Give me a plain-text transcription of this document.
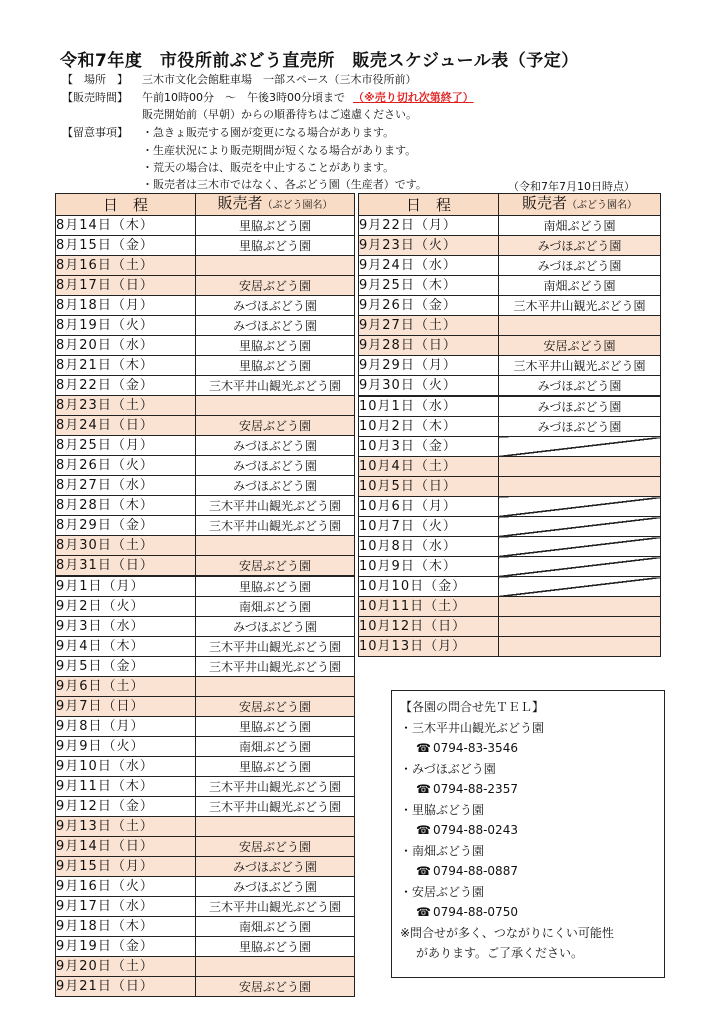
令和7年度　市役所前ぶどう直売所　販売スケジュール表（予定）
【　場所　】 三木市文化会館駐車場　一部スペース（三木市役所前）
【販売時間】 午前10時00分　～　午後3時00分頃まで （※売り切れ次第終了）
販売開始前（早朝）からの順番待ちはご遠慮ください。
【留意事項】 ・急きょ販売する園が変更になる場合があります。
・生産状況により販売期間が短くなる場合があります。
・荒天の場合は、販売を中止することがあります。
・販売者は三木市ではなく、各ぶどう園（生産者）です。	（令和7年7月10日時点）
日　程	販売者（ぶどう園名）
8月14日（木）	里脇ぶどう園
8月15日（金）	里脇ぶどう園
8月16日（土）	
8月17日（日）	安居ぶどう園
8月18日（月）	みづほぶどう園
8月19日（火）	みづほぶどう園
8月20日（水）	里脇ぶどう園
8月21日（木）	里脇ぶどう園
8月22日（金）	三木平井山観光ぶどう園
8月23日（土）	
8月24日（日）	安居ぶどう園
8月25日（月）	みづほぶどう園
8月26日（火）	みづほぶどう園
8月27日（水）	みづほぶどう園
8月28日（木）	三木平井山観光ぶどう園
8月29日（金）	三木平井山観光ぶどう園
8月30日（土）	
8月31日（日）	安居ぶどう園
9月1日（月）	里脇ぶどう園
9月2日（火）	南畑ぶどう園
9月3日（水）	みづほぶどう園
9月4日（木）	三木平井山観光ぶどう園
9月5日（金）	三木平井山観光ぶどう園
9月6日（土）	
9月7日（日）	安居ぶどう園
9月8日（月）	里脇ぶどう園
9月9日（火）	南畑ぶどう園
9月10日（水）	里脇ぶどう園
9月11日（木）	三木平井山観光ぶどう園
9月12日（金）	三木平井山観光ぶどう園
9月13日（土）	
9月14日（日）	安居ぶどう園
9月15日（月）	みづほぶどう園
9月16日（火）	みづほぶどう園
9月17日（水）	三木平井山観光ぶどう園
9月18日（木）	南畑ぶどう園
9月19日（金）	里脇ぶどう園
9月20日（土）	
9月21日（日）	安居ぶどう園
日　程	販売者（ぶどう園名）
9月22日（月）	南畑ぶどう園
9月23日（火）	みづほぶどう園
9月24日（水）	みづほぶどう園
9月25日（木）	南畑ぶどう園
9月26日（金）	三木平井山観光ぶどう園
9月27日（土）	
9月28日（日）	安居ぶどう園
9月29日（月）	三木平井山観光ぶどう園
9月30日（火）	みづほぶどう園
10月1日（水）	みづほぶどう園
10月2日（木）	みづほぶどう園
10月3日（金）	
10月4日（土）	
10月5日（日）	
10月6日（月）	
10月7日（火）	
10月8日（水）	
10月9日（木）	
10月10日（金）	
10月11日（土）	
10月12日（日）	
10月13日（月）	
【各園の問合せ先ＴＥＬ】
・三木平井山観光ぶどう園
☎ 0794-83-3546
・みづほぶどう園
☎ 0794-88-2357
・里脇ぶどう園
☎ 0794-88-0243
・南畑ぶどう園
☎ 0794-88-0887
・安居ぶどう園
☎ 0794-88-0750
※問合せが多く、つながりにくい可能性
があります。ご了承ください。
